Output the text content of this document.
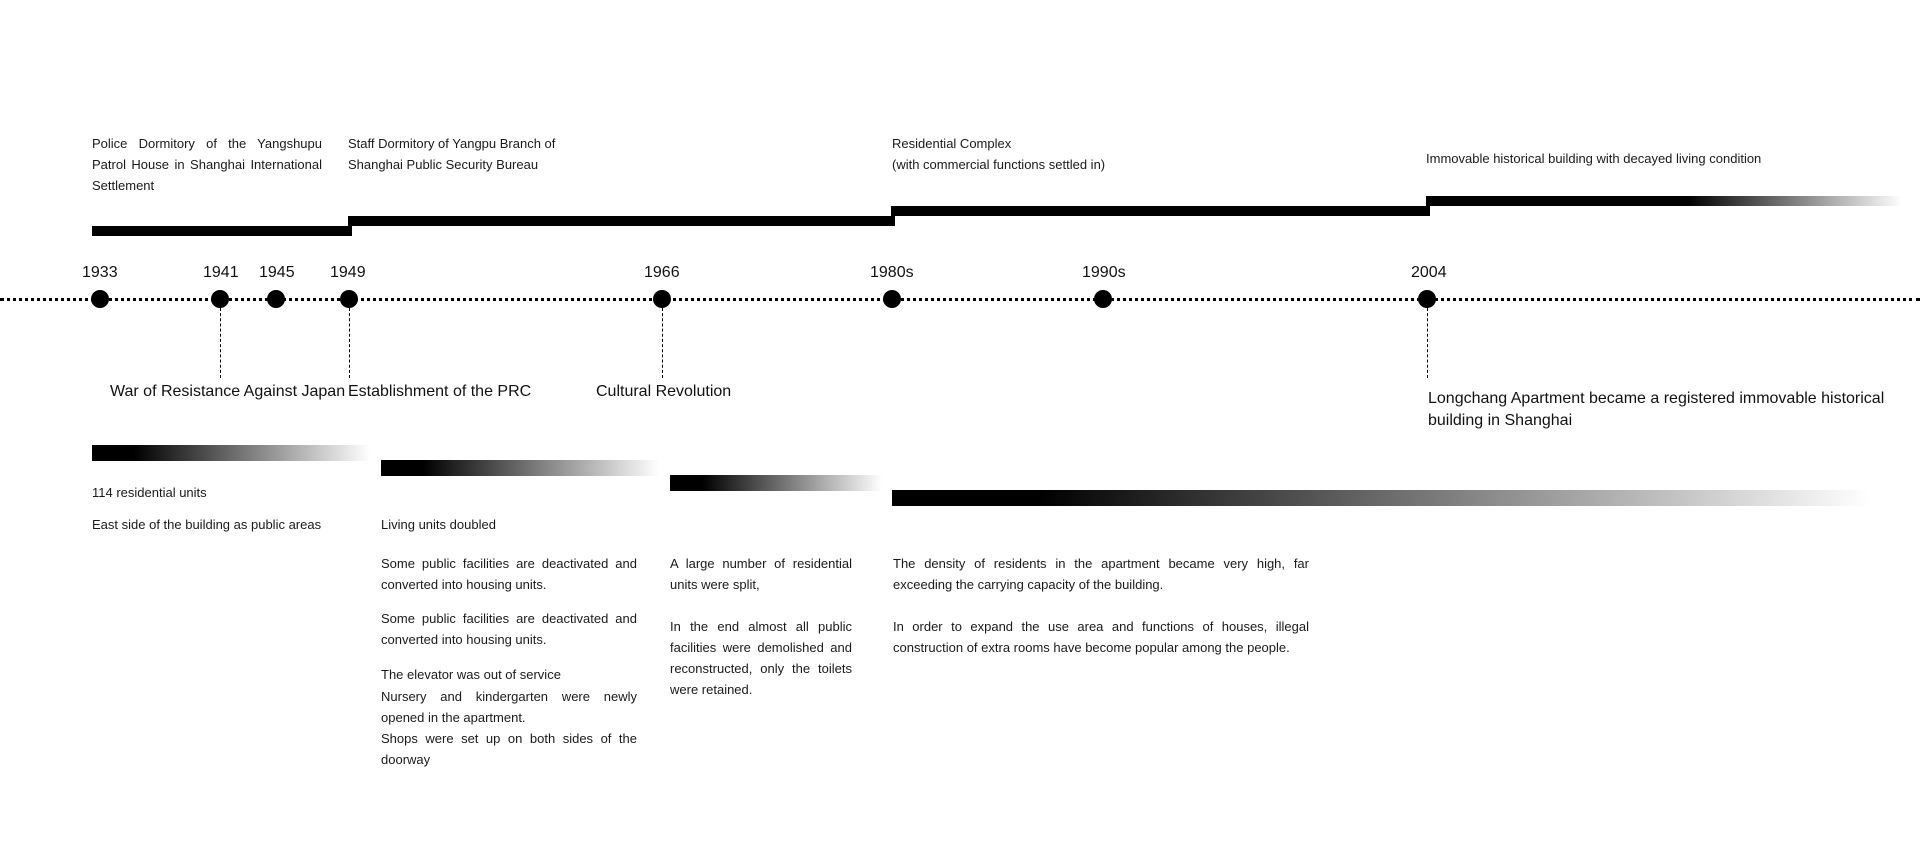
Police Dormitory of the Yangshupu Patrol House in Shanghai International Settlement
Staff Dormitory of Yangpu Branch of Shanghai Public Security Bureau
Residential Complex
(with commercial functions settled in)	Immovable historical building with decayed living condition
1933	1941 1945 1949	1966	1980s	1990s	2004
War of Resistance Against Japan Establishment of the PRC	Cultural Revolution	Longchang Apartment became a registered immovable historical building in Shanghai
114 residential units
East side of the building as public areas	Living units doubled
Some public facilities are deactivated and converted into housing units.
Some public facilities are deactivated and converted into housing units.
The elevator was out of service
Nursery and kindergarten were newly opened in the apartment.
Shops were set up on both sides of the doorway
A large number of residential units were split,
In the end almost all public facilities were demolished and reconstructed, only the toilets were retained.
The density of residents in the apartment became very high, far exceeding the carrying capacity of the building.
In order to expand the use area and functions of houses, illegal construction of extra rooms have become popular among the people.
